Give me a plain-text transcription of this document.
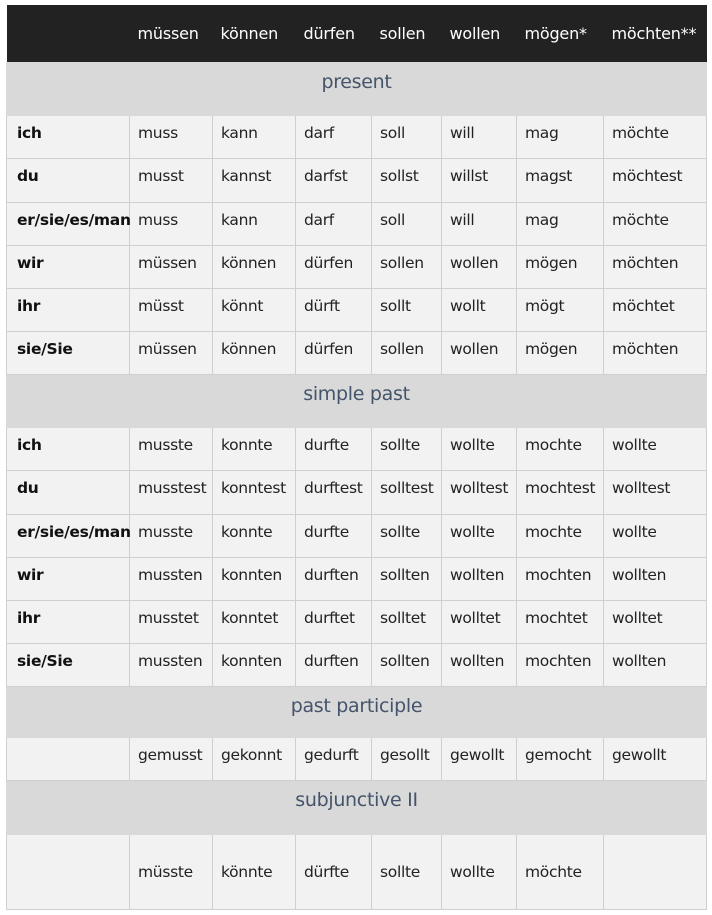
	müssen	können	dürfen	sollen	wollen	mögen*	möchten**
present							
ich	muss	kann	darf	soll	will	mag	möchte
du	musst	kannst	darfst	sollst	willst	magst	möchtest
er/sie/es/man	muss	kann	darf	soll	will	mag	möchte
wir	müssen	können	dürfen	sollen	wollen	mögen	möchten
ihr	müsst	könnt	dürft	sollt	wollt	mögt	möchtet
sie/Sie	müssen	können	dürfen	sollen	wollen	mögen	möchten
simple past							
ich	musste	konnte	durfte	sollte	wollte	mochte	wollte
du	musstest	konntest	durftest	solltest	wolltest	mochtest	wolltest
er/sie/es/man	musste	konnte	durfte	sollte	wollte	mochte	wollte
wir	mussten	konnten	durften	sollten	wollten	mochten	wollten
ihr	musstet	konntet	durftet	solltet	wolltet	mochtet	wolltet
sie/Sie	mussten	konnten	durften	sollten	wollten	mochten	wollten
past participle							
	gemusst	gekonnt	gedurft	gesollt	gewollt	gemocht	gewollt
subjunctive II							
	müsste	könnte	dürfte	sollte	wollte	möchte	
